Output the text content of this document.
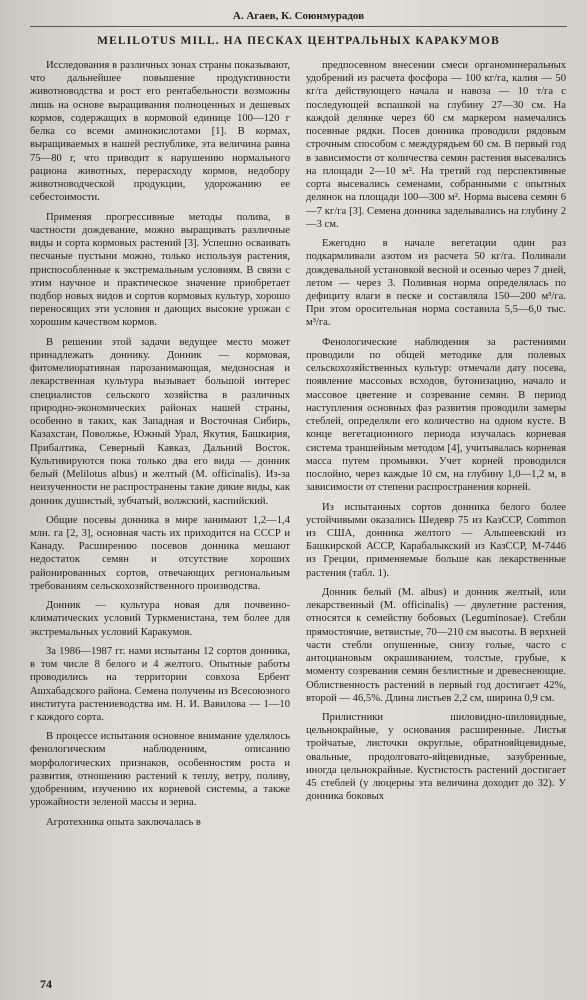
А. Агаев, К. Союнмурадов
MELILOTUS MILL. НА ПЕСКАХ ЦЕНТРАЛЬНЫХ КАРАКУМОВ

Исследования в различных зонах страны показывают, что дальнейшее повышение продуктивности животноводства и рост его рентабельности возможны лишь на основе выращивания полноценных и дешевых кормов, содержащих в кормовой единице 100—120 г белка со всеми аминокислотами [1]. В кормах, выращиваемых в нашей республике, эта величина равна 75—80 г, что приводит к нарушению нормального рациона животных, перерасходу кормов, недобору животноводческой продукции, удорожанию ее себестоимости.

Применяя прогрессивные методы полива, в частности дождевание, можно выращивать различные виды и сорта кормовых растений [3]. Успешно осваивать песчаные пустыни можно, только используя растения, приспособленные к экстремальным условиям. В связи с этим научное и практическое значение приобретает подбор новых видов и сортов кормовых культур, хорошо переносящих эти условия и дающих высокие урожаи с хорошим качеством кормов.

В решении этой задачи ведущее место может принадлежать доннику. Донник — кормовая, фитомелиоративная парозанимающая, медоносная и лекарственная культура вызывает большой интерес специалистов сельского хозяйства в различных природно-экономических районах нашей страны, особенно в таких, как Западная и Восточная Сибирь, Казахстан, Поволжье, Южный Урал, Якутия, Башкирия, Прибалтика, Северный Кавказ, Дальний Восток. Культивируются пока только два его вида — донник белый (Melilotus albus) и желтый (M. officinalis). Из-за неизученности не распространены такие дикие виды, как донник душистый, зубчатый, волжский, каспийский.

Общие посевы донника в мире занимают 1,2—1,4 млн. га [2, 3], основная часть их приходится на СССР и Канаду. Расширению посевов донника мешают недостаток семян и отсутствие хороших районированных сортов, отвечающих региональным требованиям сельскохозяйственного производства.

Донник — культура новая для почвенно-климатических условий Туркменистана, тем более для экстремальных условий Каракумов.

За 1986—1987 гг. нами испытаны 12 сортов донника, в том числе 8 белого и 4 желтого. Опытные работы проводились на территории совхоза Ербент Ашхабадского района. Семена получены из Всесоюзного института растениеводства им. Н. И. Вавилова — 1—10 г каждого сорта.

В процессе испытания основное внимание уделялось фенологическим наблюдениям, описанию морфологических признаков, особенностям роста и развития, отношению растений к теплу, ветру, поливу, удобрениям, изучению их корневой системы, а также урожайности зеленой массы и зерна.

Агротехника опыта заключалась в

предпосевном внесении смеси органоминеральных удобрений из расчета фосфора — 100 кг/га, калия — 50 кг/га действующего начала и навоза — 10 т/га с последующей вспашкой на глубину 27—30 см. На каждой делянке через 60 см маркером намечались посевные рядки. Посев донника проводили рядовым строчным способом с междурядьем 60 см. В первый год в зависимости от количества семян растения высевались на площади 2—10 м². На третий год перспективные сорта высевались семенами, собранными с опытных делянок на площади 100—300 м². Норма высева семян 6—7 кг/га [3]. Семена донника заделывались на глубину 2—3 см.

Ежегодно в начале вегетации один раз подкармливали азотом из расчета 50 кг/га. Поливали дождевальной установкой весной и осенью через 7 дней, летом — через 3. Поливная норма определялась по дефициту влаги в песке и составляла 150—200 м³/га. При этом оросительная норма составила 5,5—6,0 тыс. м³/га.

Фенологические наблюдения за растениями проводили по общей методике для полевых сельскохозяйственных культур: отмечали дату посева, появление массовых всходов, бутонизацию, начало и массовое цветение и созревание семян. В период наступления основных фаз развития проводили замеры стеблей, определяли его количество на одном кусте. В конце вегетационного периода изучалась корневая система траншейным методом [4], учитывалась корневая масса путем промывки. Учет корней проводился послойно, через каждые 10 см, на глубину 1,0—1,2 м, в зависимости от степени распространения корней.

Из испытанных сортов донника белого более устойчивыми оказались Шедевр 75 из КазССР, Common из США, донника желтого — Альшеевский из Башкирской АССР, Карабалыкский из КазССР, М-7446 из Греции, применяемые больше как лекарственные растения (табл. 1).

Донник белый (M. albus) и донник желтый, или лекарственный (M. officinalis) — двулетние растения, относятся к семейству бобовых (Leguminosae). Стебли прямостоячие, ветвистые, 70—210 см высоты. В верхней части стебли опушенные, снизу голые, часто с антоциановым окрашиванием, толстые, грубые, к моменту созревания семян безлистные и древеснеющие. Облиственность растений в первый год достигает 42%, второй — 46,5%. Длина листьев 2,2 см, ширина 0,9 см.

Прилистники шиловидно-шиловидные, цельнокрайные, у основания расширенные. Листья тройчатые, листочки округлые, обратнояйцевидные, овальные, продолговато-яйцевидные, зазубренные, иногда цельнокрайные. Кустистость растений достигает 45 стеблей (у люцерны эта величина доходит до 32). У донника боковых

74
